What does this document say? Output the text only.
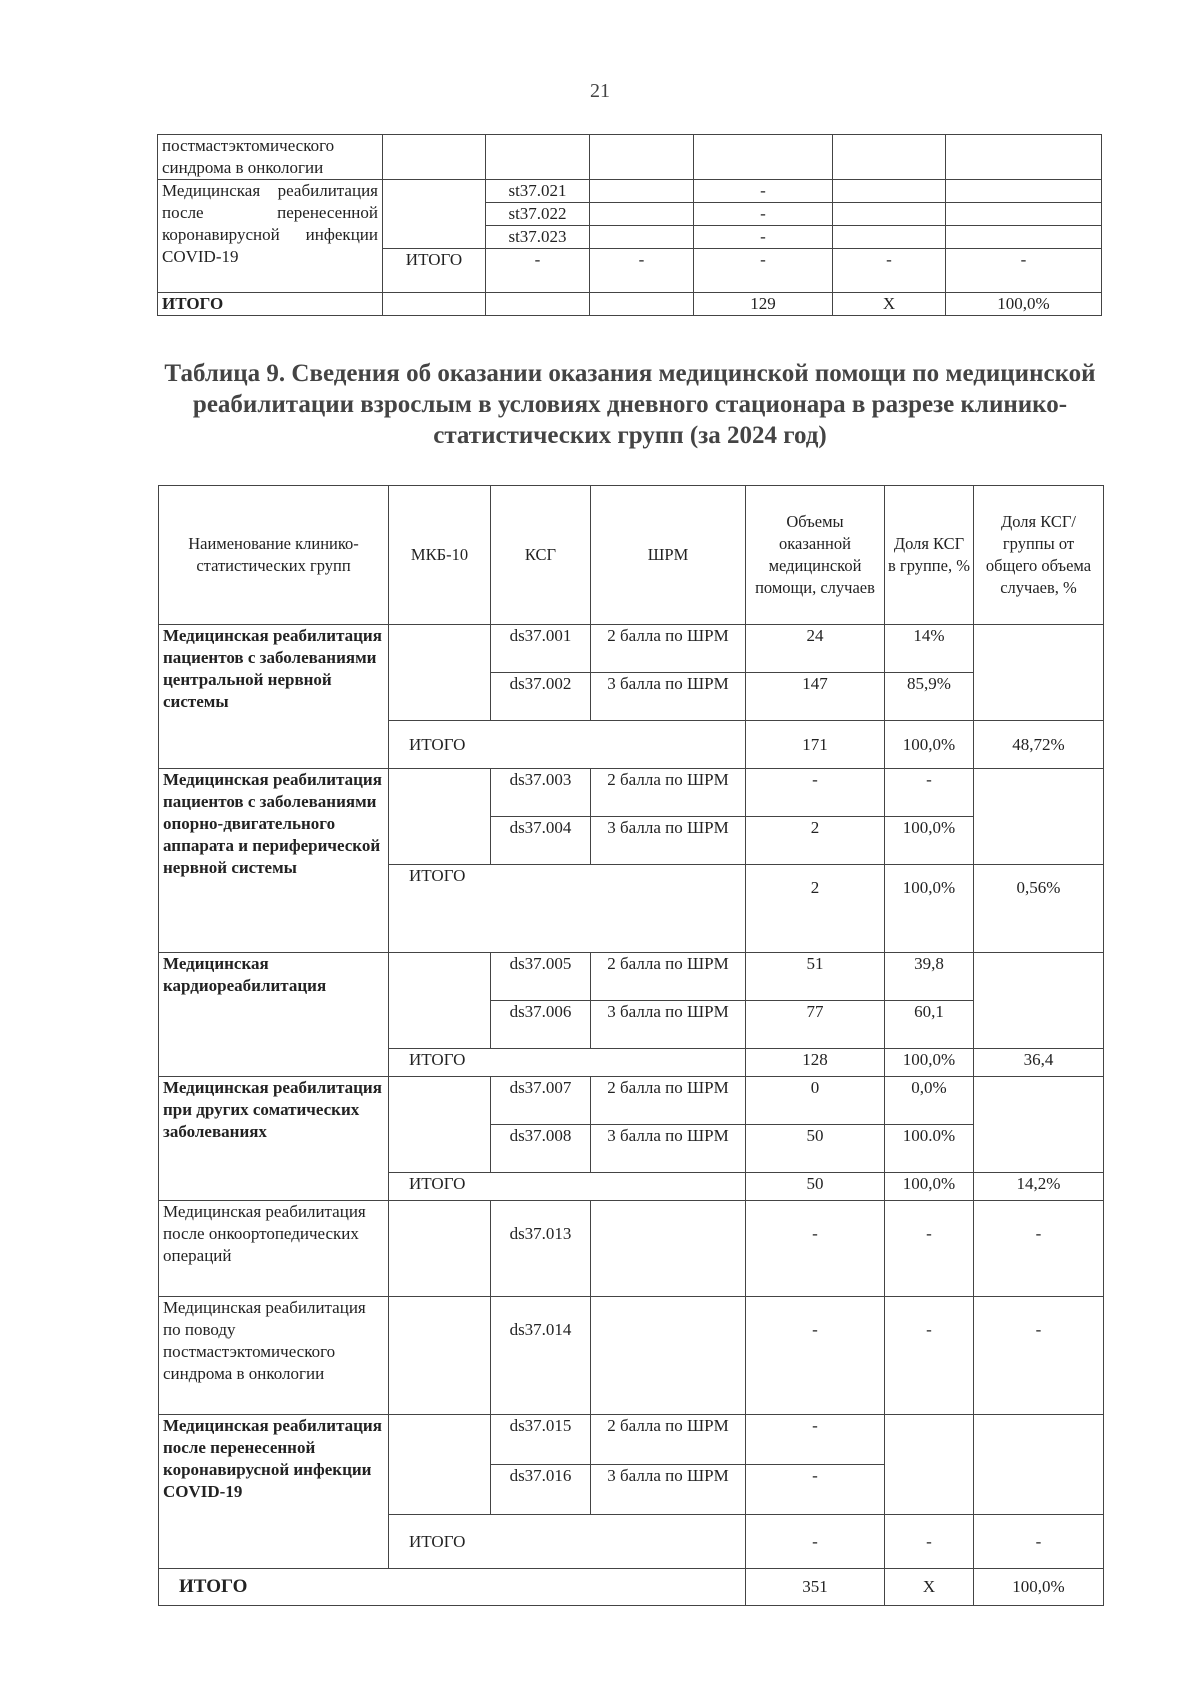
21
постмастэктомического синдрома в онкологии						
Медицинская реабилитация после перенесенной коронавирусной инфекции COVID-19		st37.021		-		
		st37.022		-		
		st37.023		-		
	ИТОГО	-	-	-	-	-
ИТОГО				129	Х	100,0%
Таблица 9. Сведения об оказании оказания медицинской помощи по медицинской реабилитации взрослым в условиях дневного стационара в разрезе клинико-статистических групп (за 2024 год)
Наименование клинико-статистических групп	МКБ-10	КСГ	ШРМ	Объемы оказанной медицинской помощи, случаев	Доля КСГ в группе, %	Доля КСГ/группы от общего объема случаев, %
Медицинская реабилитация пациентов с заболеваниями центральной нервной системы		ds37.001	2 балла по ШРМ	24	14%	
		ds37.002	3 балла по ШРМ	147	85,9%	
	ИТОГО			171	100,0%	48,72%
Медицинская реабилитация пациентов с заболеваниями опорно-двигательного аппарата и периферической нервной системы		ds37.003	2 балла по ШРМ	-	-	
		ds37.004	3 балла по ШРМ	2	100,0%	
	ИТОГО			2	100,0%	0,56%
Медицинская кардиореабилитация		ds37.005	2 балла по ШРМ	51	39,8	
		ds37.006	3 балла по ШРМ	77	60,1	
	ИТОГО			128	100,0%	36,4
Медицинская реабилитация при других соматических заболеваниях		ds37.007	2 балла по ШРМ	0	0,0%	
		ds37.008	3 балла по ШРМ	50	100.0%	
	ИТОГО			50	100,0%	14,2%
Медицинская реабилитация после онкоортопедических операций		ds37.013		-	-	-
Медицинская реабилитация по поводу постмастэктомического синдрома в онкологии		ds37.014		-	-	-
Медицинская реабилитация после перенесенной коронавирусной инфекции COVID-19		ds37.015	2 балла по ШРМ	-		
		ds37.016	3 балла по ШРМ	-		
	ИТОГО			-	-	-
ИТОГО				351	Х	100,0%
